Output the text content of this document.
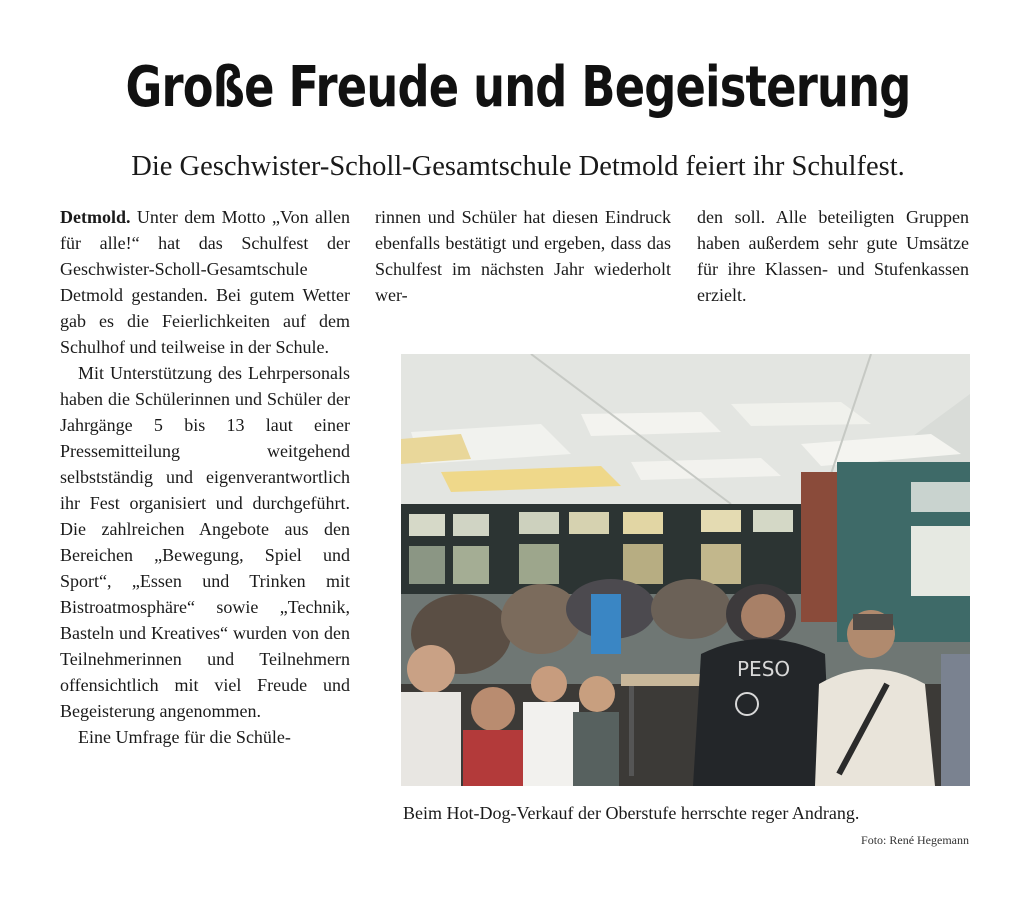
Große Freude und Begeisterung
Die Geschwister-Scholl-Gesamtschule Detmold feiert ihr Schulfest.

Detmold. Unter dem Motto „Von allen für alle!“ hat das Schulfest der Geschwister-Scholl-Gesamtschule Detmold gestanden. Bei gutem Wetter gab es die Feierlichkeiten auf dem Schulhof und teilweise in der Schule.

Mit Unterstützung des Lehrpersonals haben die Schülerinnen und Schüler der Jahrgänge 5 bis 13 laut einer Pressemitteilung weitgehend selbstständig und eigenverantwortlich ihr Fest organisiert und durchgeführt. Die zahlreichen Angebote aus den Bereichen „Bewegung, Spiel und Sport“, „Essen und Trinken mit Bistroatmosphäre“ sowie „Technik, Basteln und Kreatives“ wurden von den Teilnehmerinnen und Teilnehmern offensichtlich mit viel Freude und Begeisterung angenommen.

Eine Umfrage für die Schüle-

rinnen und Schüler hat diesen Eindruck ebenfalls bestätigt und ergeben, dass das Schulfest im nächsten Jahr wiederholt wer-

den soll. Alle beteiligten Gruppen haben außerdem sehr gute Umsätze für ihre Klassen- und Stufenkassen erzielt.

PESO
Beim Hot-Dog-Verkauf der Oberstufe herrschte reger Andrang.
Foto: René Hegemann
